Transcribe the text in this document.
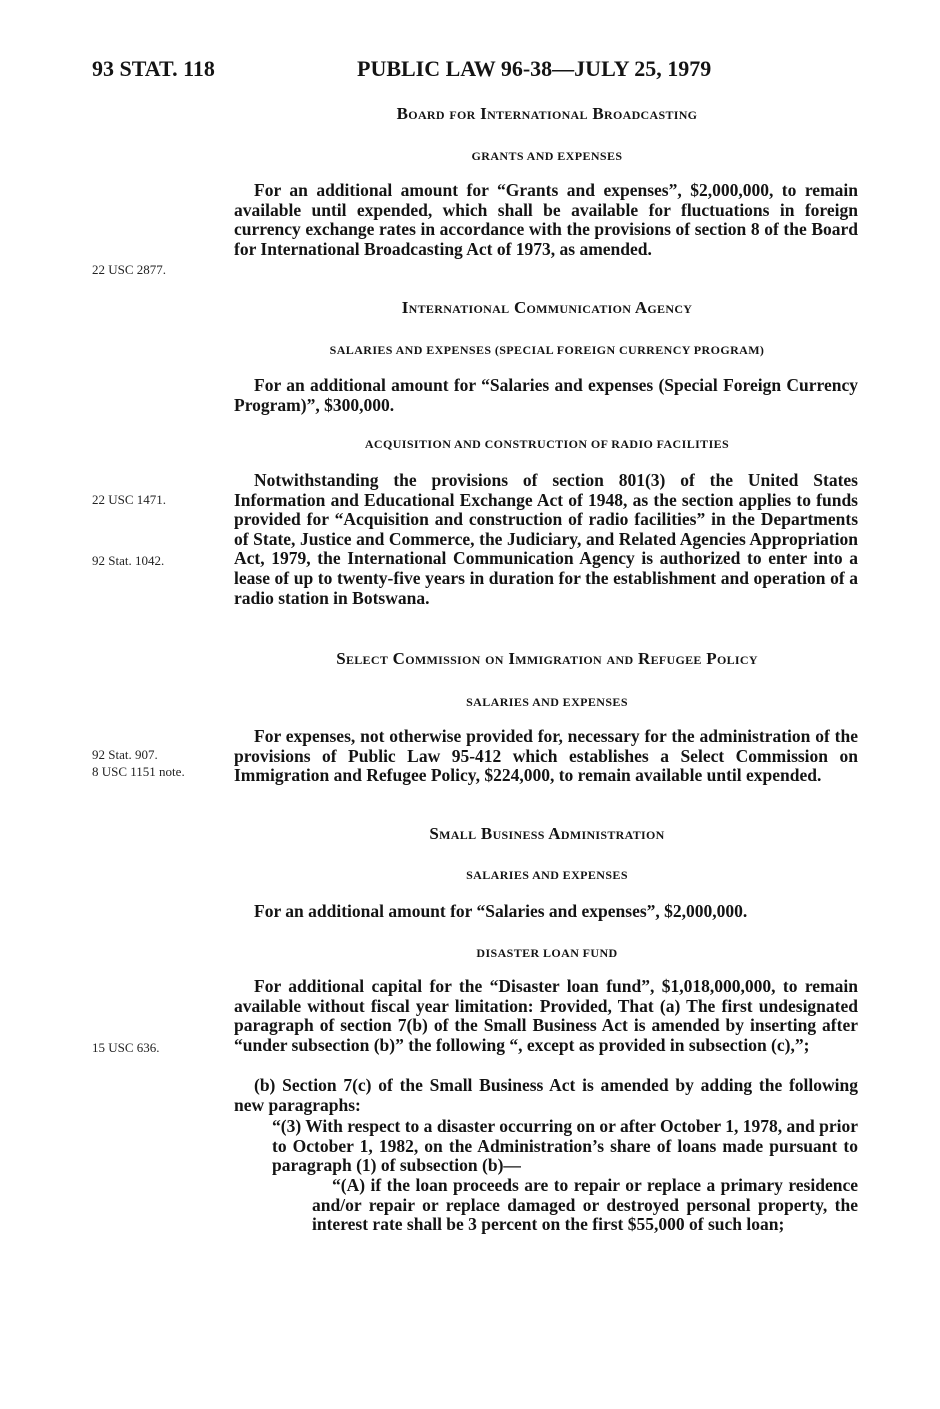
93 STAT. 118	PUBLIC LAW 96-38—JULY 25, 1979
Board for International Broadcasting
GRANTS AND EXPENSES
For an additional amount for “Grants and expenses”, $2,000,000, to remain available until expended, which shall be available for fluctuations in foreign currency exchange rates in accordance with the provisions of section 8 of the Board for International Broadcasting Act of 1973, as amended.
22 USC 2877.
International Communication Agency
SALARIES AND EXPENSES (SPECIAL FOREIGN CURRENCY PROGRAM)
For an additional amount for “Salaries and expenses (Special Foreign Currency Program)”, $300,000.
ACQUISITION AND CONSTRUCTION OF RADIO FACILITIES
Notwithstanding the provisions of section 801(3) of the United States Information and Educational Exchange Act of 1948, as the section applies to funds provided for “Acquisition and construction of radio facilities” in the Departments of State, Justice and Commerce, the Judiciary, and Related Agencies Appropriation Act, 1979, the International Communication Agency is authorized to enter into a lease of up to twenty-five years in duration for the establishment and operation of a radio station in Botswana.
22 USC 1471.
92 Stat. 1042.
Select Commission on Immigration and Refugee Policy
SALARIES AND EXPENSES
For expenses, not otherwise provided for, necessary for the administration of the provisions of Public Law 95-412 which establishes a Select Commission on Immigration and Refugee Policy, $224,000, to remain available until expended.
92 Stat. 907.
8 USC 1151 note.
Small Business Administration
SALARIES AND EXPENSES
For an additional amount for “Salaries and expenses”, $2,000,000.
DISASTER LOAN FUND
For additional capital for the “Disaster loan fund”, $1,018,000,000, to remain available without fiscal year limitation: Provided, That (a) The first undesignated paragraph of section 7(b) of the Small Business Act is amended by inserting after “under subsection (b)” the following “, except as provided in subsection (c),”;
15 USC 636.
(b) Section 7(c) of the Small Business Act is amended by adding the following new paragraphs:
“(3) With respect to a disaster occurring on or after October 1, 1978, and prior to October 1, 1982, on the Administration’s share of loans made pursuant to paragraph (1) of subsection (b)—
“(A) if the loan proceeds are to repair or replace a primary residence and/or repair or replace damaged or destroyed personal property, the interest rate shall be 3 percent on the first $55,000 of such loan;
